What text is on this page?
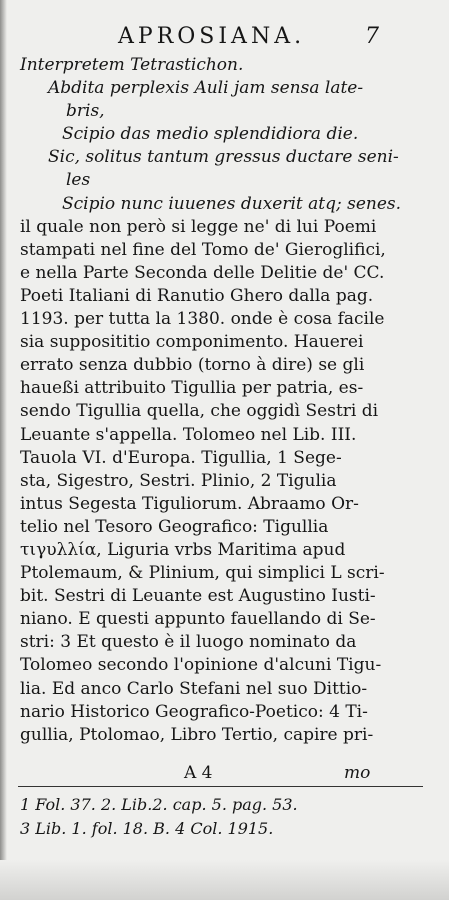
APROSIANA.	7
Interpretem Tetrastichon.
Abdita perplexis Auli jam sensa late-
bris,
Scipio das medio splendidiora die.
Sic, solitus tantum gressus ductare seni-
les
Scipio nunc iuuenes duxerit atq; senes.
il quale non però si legge ne' di lui Poemi
stampati nel fine del Tomo de' Gieroglifici,
e nella Parte Seconda delle Delitie de' CC.
Poeti Italiani di Ranutio Ghero dalla pag.
1193. per tutta la 1380. onde è cosa facile
sia supposititio componimento. Hauerei
errato senza dubbio (torno à dire) se gli
haueßi attribuito Tigullia per patria, es-
sendo Tigullia quella, che oggidì Sestri di
Leuante s'appella. Tolomeo nel Lib. III.
Tauola VI. d'Europa. Tigullia, 1 Sege-
sta, Sigestro, Sestri. Plinio, 2 Tigulia
intus Segesta Tiguliorum. Abraamo Or-
telio nel Tesoro Geografico: Tigullia
τιγυλλία, Liguria vrbs Maritima apud
Ptolemaum, & Plinium, qui simplici L scri-
bit. Sestri di Leuante est Augustino Iusti-
niano. E questi appunto fauellando di Se-
stri: 3 Et questo è il luogo nominato da
Tolomeo secondo l'opinione d'alcuni Tigu-
lia. Ed anco Carlo Stefani nel suo Dittio-
nario Historico Geografico-Poetico: 4 Ti-
gullia, Ptolomao, Libro Tertio, capire pri-
A 4	mo
1 Fol. 37. 2. Lib.2. cap. 5. pag. 53.
3 Lib. 1. fol. 18. B. 4 Col. 1915.
